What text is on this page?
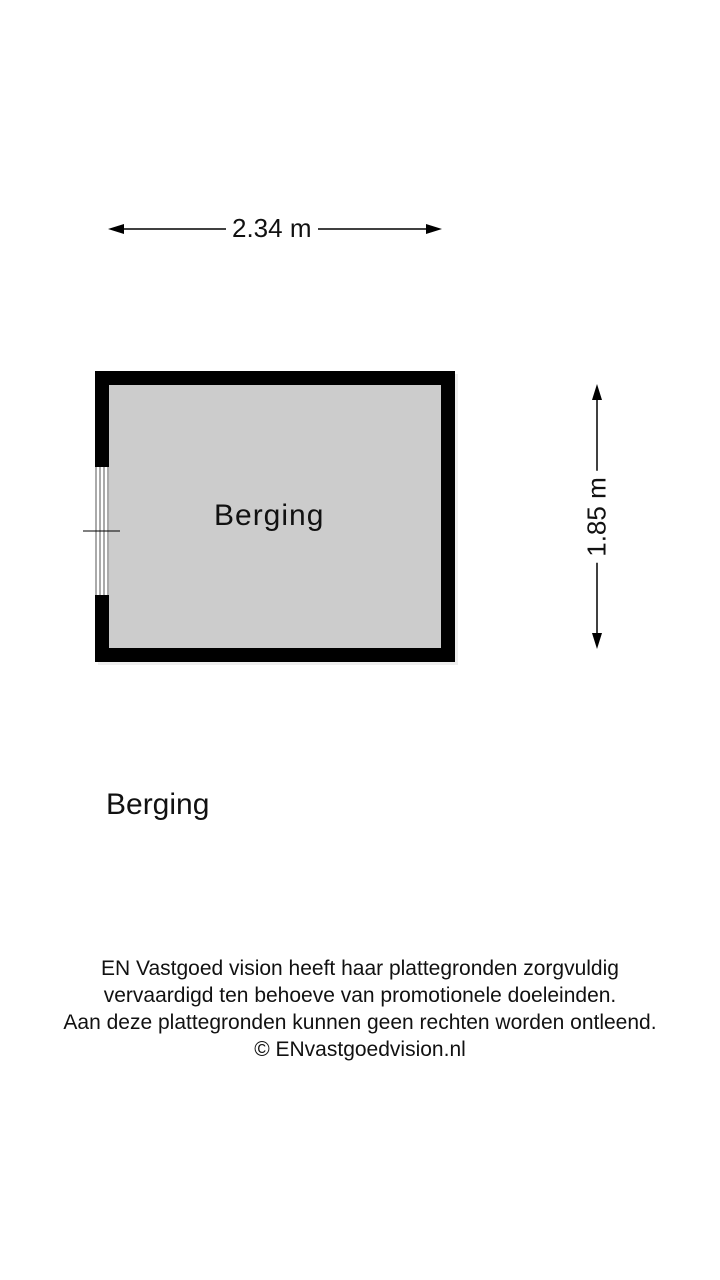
2.34 m
1.85 m
Berging
Berging
EN Vastgoed vision heeft haar plattegronden zorgvuldig
vervaardigd ten behoeve van promotionele doeleinden.
Aan deze plattegronden kunnen geen rechten worden ontleend.
© ENvastgoedvision.nl
